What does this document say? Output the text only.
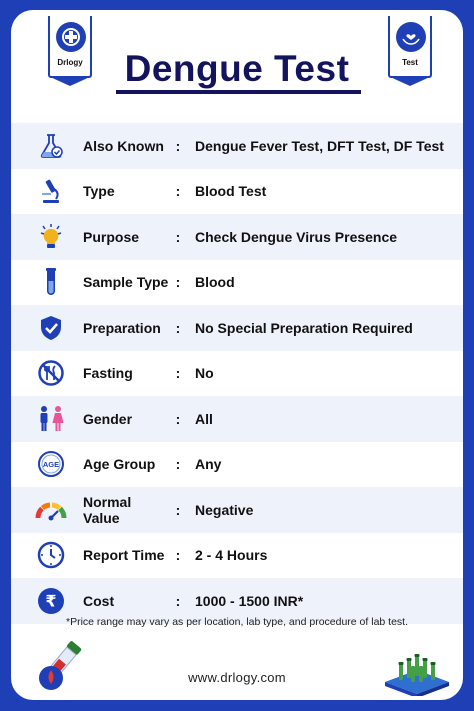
Drlogy	Test
Dengue Test
Also Known :	Dengue Fever Test, DFT Test, DF Test
Type	:	Blood Test
Purpose	:	Check Dengue Virus Presence
Sample Type :	Blood
Preparation	:	No Special Preparation Required
Fasting	:	No
Gender	:	All
AGE Age Group	:	Any
Normal Value	:	Negative
Report Time :	2 - 4 Hours
₹ Cost	:	1000 - 1500 INR*
*Price range may vary as per location, lab type, and procedure of lab test.
www.drlogy.com
